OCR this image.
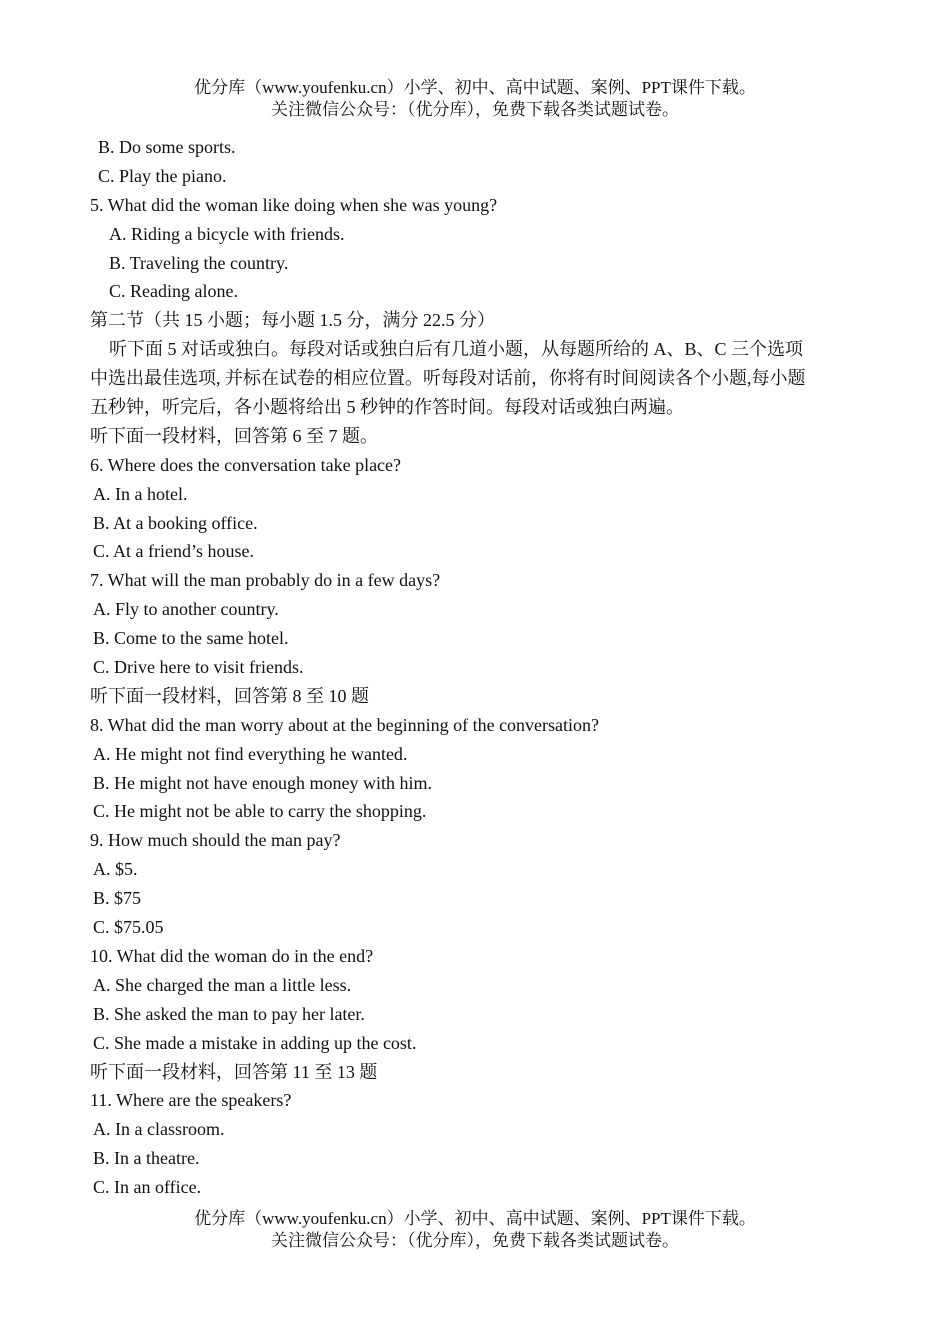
优分库（www.youfenku.cn）小学、初中、高中试题、案例、PPT课件下载。
关注微信公众号：（优分库），免费下载各类试题试卷。
B. Do some sports.
C. Play the piano.
5. What did the woman like doing when she was young?
A. Riding a bicycle with friends.
B. Traveling the country.
C. Reading alone.
第二节（共 15 小题；每小题 1.5 分，满分 22.5 分）
听下面 5 对话或独白。每段对话或独白后有几道小题，从每题所给的 A、B、C 三个选项
中选出最佳选项, 并标在试卷的相应位置。听每段对话前，你将有时间阅读各个小题,每小题
五秒钟，听完后，各小题将给出 5 秒钟的作答时间。每段对话或独白两遍。
听下面一段材料，回答第 6 至 7 题。
6. Where does the conversation take place?
A. In a hotel.
B. At a booking office.
C. At a friend’s house.
7. What will the man probably do in a few days?
A. Fly to another country.
B. Come to the same hotel.
C. Drive here to visit friends.
听下面一段材料，回答第 8 至 10 题
8. What did the man worry about at the beginning of the conversation?
A. He might not find everything he wanted.
B. He might not have enough money with him.
C. He might not be able to carry the shopping.
9. How much should the man pay?
A. $5.
B. $75
C. $75.05
10. What did the woman do in the end?
A. She charged the man a little less.
B. She asked the man to pay her later.
C. She made a mistake in adding up the cost.
听下面一段材料，回答第 11 至 13 题
11. Where are the speakers?
A. In a classroom.
B. In a theatre.
C. In an office.
优分库（www.youfenku.cn）小学、初中、高中试题、案例、PPT课件下载。
关注微信公众号：（优分库），免费下载各类试题试卷。
